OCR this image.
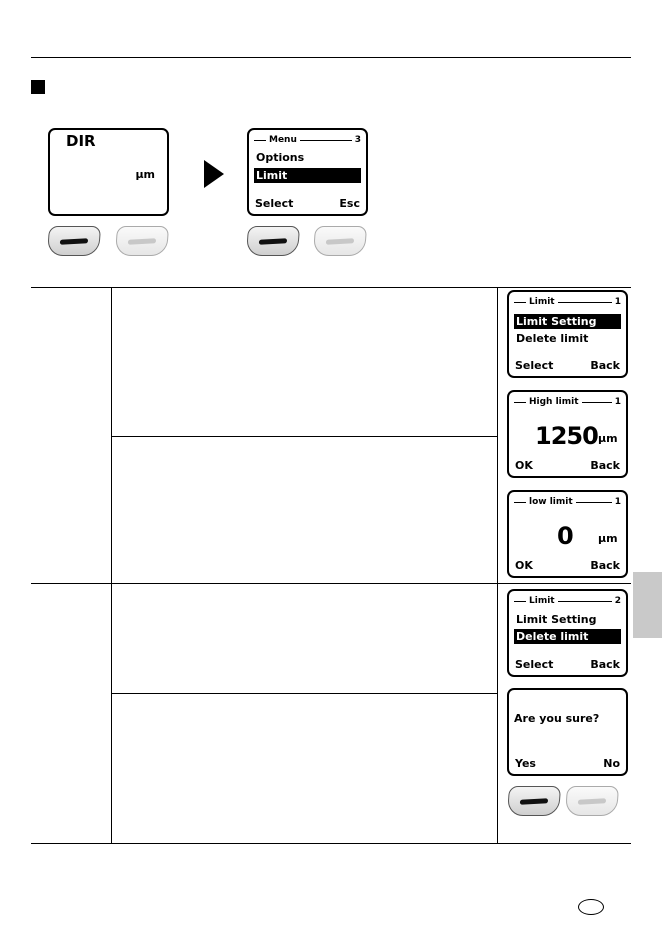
DIR
µm
Menu	3
Options
Limit
Select	Esc
Limit	1
Limit Setting
Delete limit
Select	Back
High limit	1
1250 µm
OK	Back
low limit	1
0 µm
OK	Back
Limit	2
Limit Setting
Delete limit
Select	Back
Are you sure?
Yes	No
